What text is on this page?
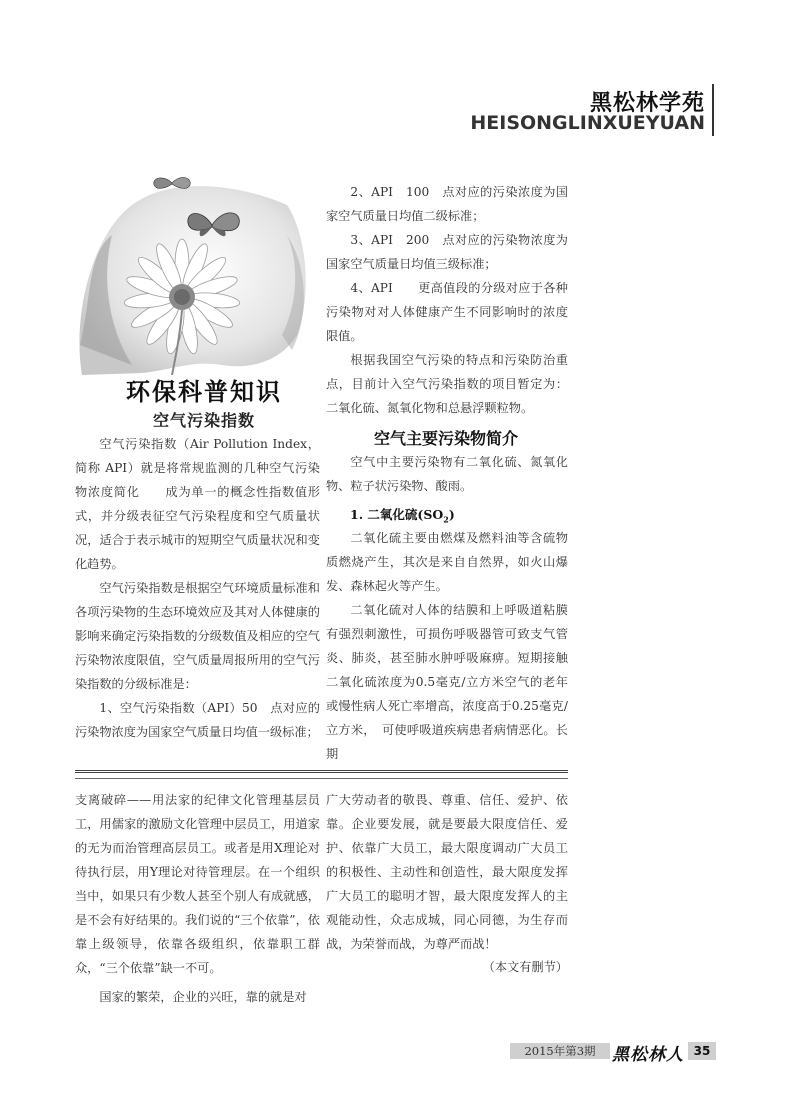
黑松林学苑
HEISONGLINXUEYUAN
环保科普知识
空气污染指数

空气污染指数（Air Pollution Index，简称 API）就是将常规监测的几种空气污染物浓度简化　　成为单一的概念性指数值形式，并分级表征空气污染程度和空气质量状况，适合于表示城市的短期空气质量状况和变化趋势。

空气污染指数是根据空气环境质量标准和各项污染物的生态环境效应及其对人体健康的影响来确定污染指数的分级数值及相应的空气污染物浓度限值，空气质量周报所用的空气污染指数的分级标准是：

1、空气污染指数（API）50　点对应的污染物浓度为国家空气质量日均值一级标准；

2、API　100　点对应的污染浓度为国家空气质量日均值二级标准；

3、API　200　点对应的污染物浓度为国家空气质量日均值三级标准；

4、API　　更高值段的分级对应于各种污染物对对人体健康产生不同影响时的浓度限值。

根据我国空气污染的特点和污染防治重点，目前计入空气污染指数的项目暂定为：二氧化硫、氮氧化物和总悬浮颗粒物。

空气主要污染物简介

空气中主要污染物有二氧化硫、氮氧化物、粒子状污染物、酸雨。

1. 二氧化硫$(SO_2)$

二氧化硫主要由燃煤及燃料油等含硫物质燃烧产生，其次是来自自然界，如火山爆发、森林起火等产生。

二氧化硫对人体的结膜和上呼吸道粘膜有强烈刺激性，可损伤呼吸器管可致支气管炎、肺炎，甚至肺水肿呼吸麻痹。短期接触二氧化硫浓度为0.5毫克/立方米空气的老年或慢性病人死亡率增高，浓度高于0.25毫克/立方米，　可使呼吸道疾病患者病情恶化。长期

支离破碎——用法家的纪律文化管理基层员工，用儒家的激励文化管理中层员工，用道家的无为而治管理高层员工。或者是用X理论对待执行层，用Y理论对待管理层。在一个组织当中，如果只有少数人甚至个别人有成就感，是不会有好结果的。我们说的“三个依靠”，依靠上级领导，依靠各级组织，依靠职工群众，“三个依靠”缺一不可。

国家的繁荣，企业的兴旺，靠的就是对

广大劳动者的敬畏、尊重、信任、爱护、依靠。企业要发展，就是要最大限度信任、爱护、依靠广大员工，最大限度调动广大员工的积极性、主动性和创造性，最大限度发挥广大员工的聪明才智，最大限度发挥人的主观能动性，众志成城，同心同德，为生存而战，为荣誉而战，为尊严而战！

（本文有删节）
2015年第3期 黑松林人 35
